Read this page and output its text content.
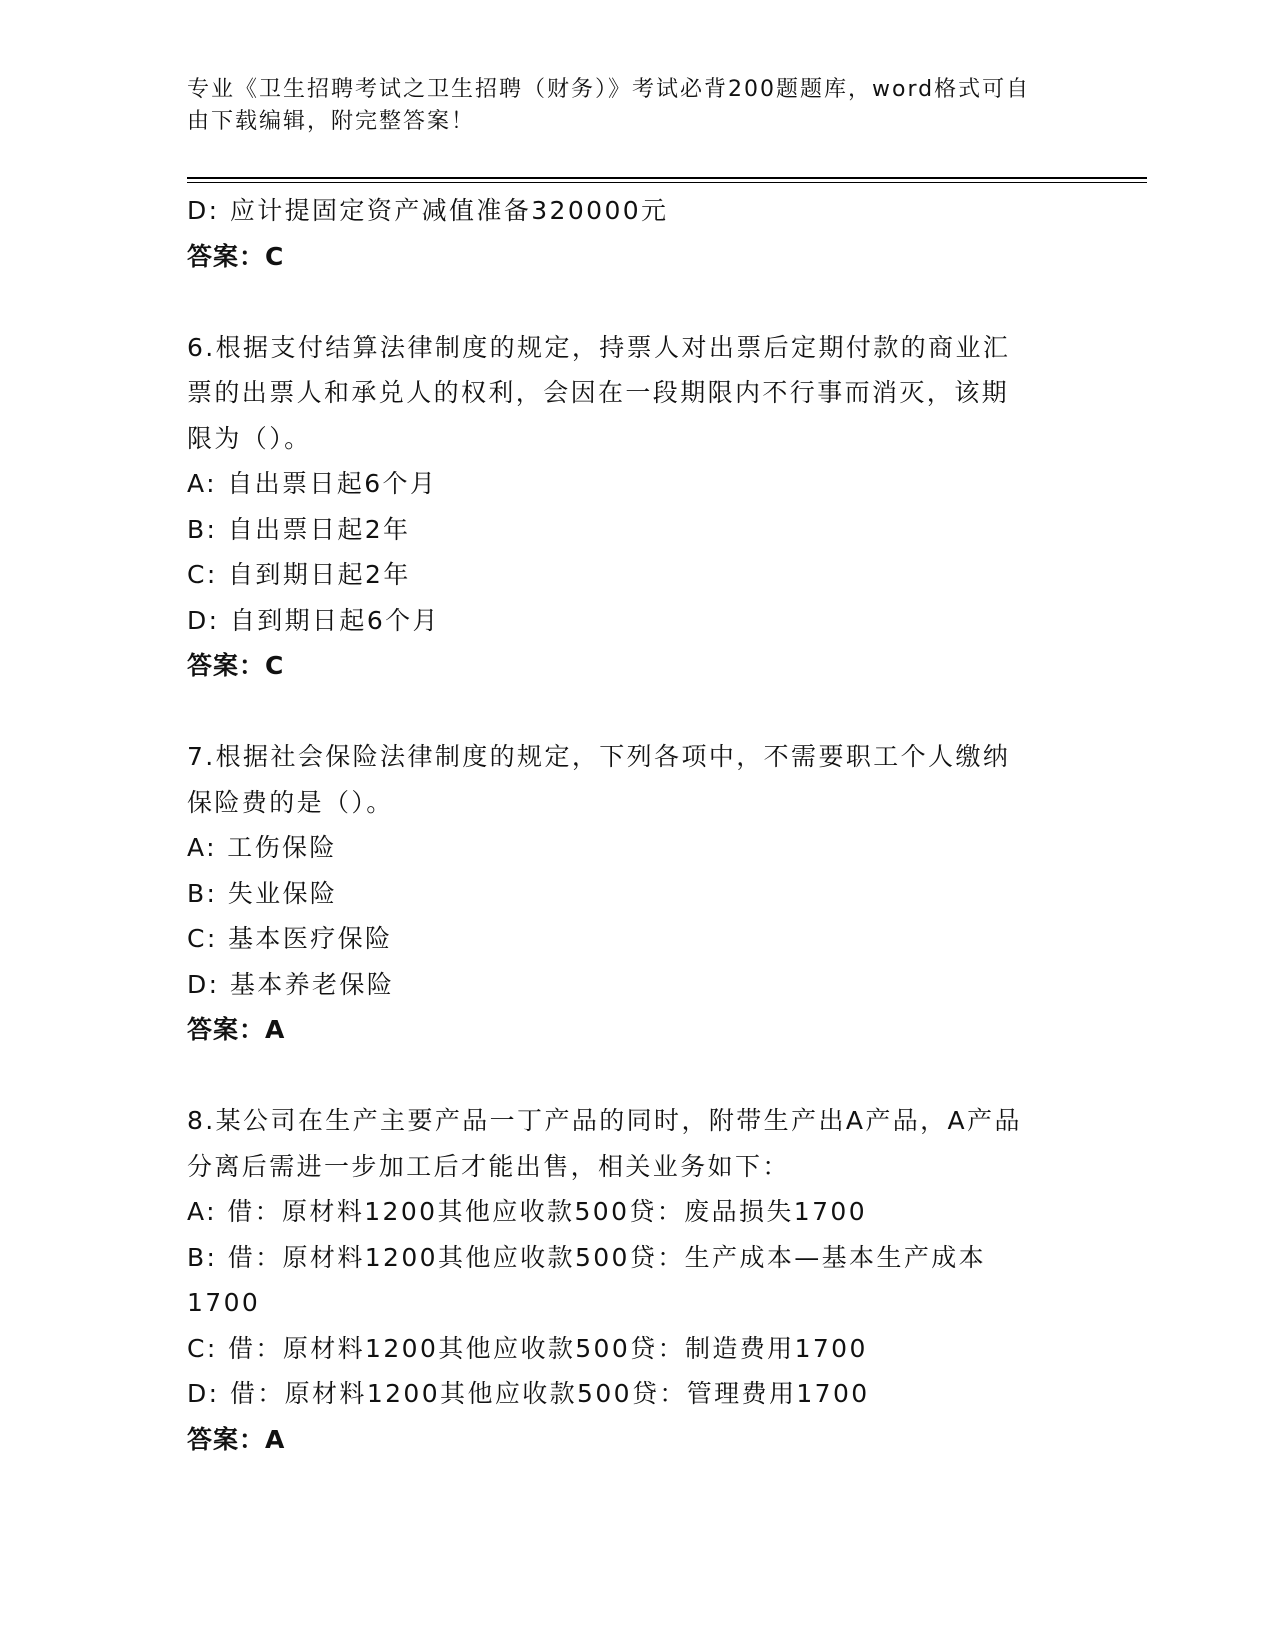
专业《卫生招聘考试之卫生招聘（财务）》考试必背200题题库，word格式可自
由下载编辑，附完整答案！
D: 应计提固定资产减值准备320000元
答案：C
6.根据支付结算法律制度的规定，持票人对出票后定期付款的商业汇
票的出票人和承兑人的权利，会因在一段期限内不行事而消灭，该期
限为（）。
A: 自出票日起6个月
B: 自出票日起2年
C: 自到期日起2年
D: 自到期日起6个月
答案：C
7.根据社会保险法律制度的规定，下列各项中，不需要职工个人缴纳
保险费的是（）。
A: 工伤保险
B: 失业保险
C: 基本医疗保险
D: 基本养老保险
答案：A
8.某公司在生产主要产品一丁产品的同时，附带生产出A产品，A产品
分离后需进一步加工后才能出售，相关业务如下：
A: 借：原材料1200其他应收款500贷：废品损失1700
B: 借：原材料1200其他应收款500贷：生产成本—基本生产成本
1700
C: 借：原材料1200其他应收款500贷：制造费用1700
D: 借：原材料1200其他应收款500贷：管理费用1700
答案：A
